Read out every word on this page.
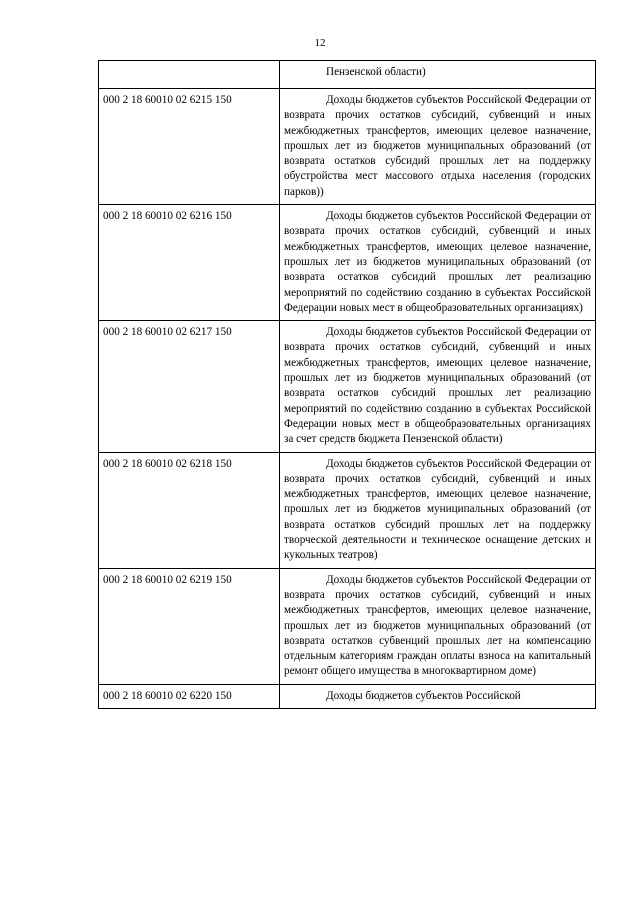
12
	Пензенской области)
000 2 18 60010 02 6215 150	Доходы бюджетов субъектов Российской Федерации от возврата прочих остатков субсидий, субвенций и иных межбюджетных трансфертов, имеющих целевое назначение, прошлых лет из бюджетов муниципальных образований (от возврата остатков субсидий прошлых лет на поддержку обустройства мест массового отдыха населения (городских парков))
000 2 18 60010 02 6216 150	Доходы бюджетов субъектов Российской Федерации от возврата прочих остатков субсидий, субвенций и иных межбюджетных трансфертов, имеющих целевое назначение, прошлых лет из бюджетов муниципальных образований (от возврата остатков субсидий прошлых лет реализацию мероприятий по содействию созданию в субъектах Российской Федерации новых мест в общеобразовательных организациях)
000 2 18 60010 02 6217 150	Доходы бюджетов субъектов Российской Федерации от возврата прочих остатков субсидий, субвенций и иных межбюджетных трансфертов, имеющих целевое назначение, прошлых лет из бюджетов муниципальных образований (от возврата остатков субсидий прошлых лет реализацию мероприятий по содействию созданию в субъектах Российской Федерации новых мест в общеобразовательных организациях за счет средств бюджета Пензенской области)
000 2 18 60010 02 6218 150	Доходы бюджетов субъектов Российской Федерации от возврата прочих остатков субсидий, субвенций и иных межбюджетных трансфертов, имеющих целевое назначение, прошлых лет из бюджетов муниципальных образований (от возврата остатков субсидий прошлых лет на поддержку творческой деятельности и техническое оснащение детских и кукольных театров)
000 2 18 60010 02 6219 150	Доходы бюджетов субъектов Российской Федерации от возврата прочих остатков субсидий, субвенций и иных межбюджетных трансфертов, имеющих целевое назначение, прошлых лет из бюджетов муниципальных образований (от возврата остатков субвенций прошлых лет на компенсацию отдельным категориям граждан оплаты взноса на капитальный ремонт общего имущества в многоквартирном доме)
000 2 18 60010 02 6220 150	Доходы бюджетов субъектов Российской
